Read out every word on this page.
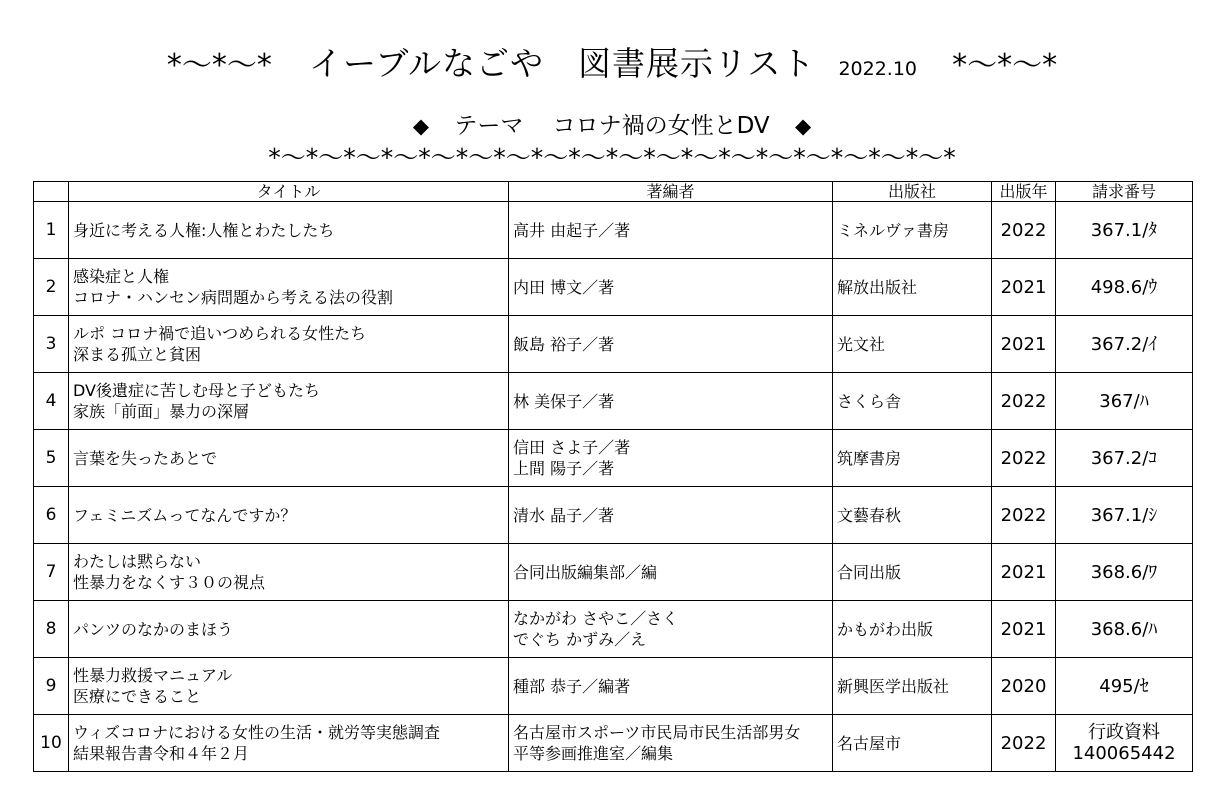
*〜*〜* イーブルなごや　図書展示リスト 2022.10 *〜*〜*
◆ テーマ コロナ禍の女性とDV ◆
*〜*〜*〜*〜*〜*〜*〜*〜*〜*〜*〜*〜*〜*〜*〜*〜*〜*〜*
	タイトル	著編者	出版社	出版年	請求番号
1	身近に考える人権:人権とわたしたち	高井 由起子／著	ミネルヴァ書房	2022	367.1/ﾀ

2	感染症と人権
コロナ・ハンセン病問題から考える法の役割	内田 博文／著	解放出版社	2021	498.6/ｳ

3	ルポ コロナ禍で追いつめられる女性たち
深まる孤立と貧困	飯島 裕子／著	光文社	2021	367.2/ｲ

4	DV後遺症に苦しむ母と子どもたち
家族「前面」暴力の深層	林 美保子／著	さくら舎	2022	367/ﾊ

5	言葉を失ったあとで	信田 さよ子／著
上間 陽子／著	筑摩書房	2022	367.2/ｺ

6	フェミニズムってなんですか？	清水 晶子／著	文藝春秋	2022	367.1/ｼ

7	わたしは黙らない
性暴力をなくす３０の視点	合同出版編集部／編	合同出版	2021	368.6/ﾜ

8	パンツのなかのまほう	なかがわ さやこ／さく
でぐち かずみ／え	かもがわ出版	2021	368.6/ﾊ

9	性暴力救援マニュアル
医療にできること	種部 恭子／編著	新興医学出版社	2020	495/ｾ

10	ウィズコロナにおける女性の生活・就労等実態調査
結果報告書令和４年２月	名古屋市スポーツ市民局市民生活部男女
平等参画推進室／編集	名古屋市	2022	行政資料
140065442
